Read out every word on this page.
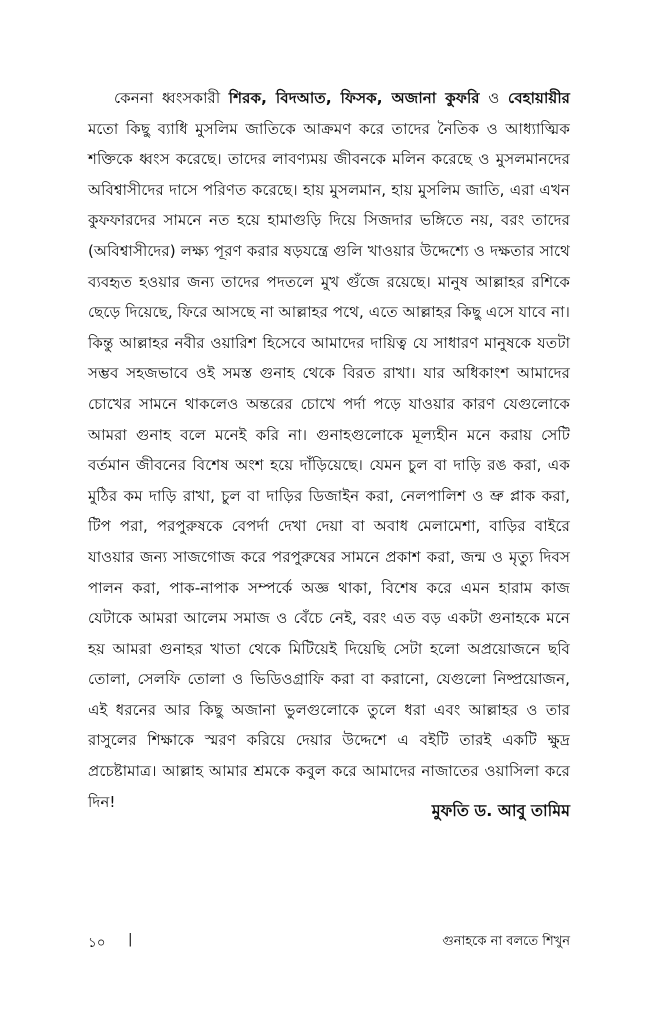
কেননা ধ্বংসকারী শিরক, বিদআত, ফিসক, অজানা কুফরি ও বেহায়ায়ীর মতো কিছু ব্যাধি মুসলিম জাতিকে আক্রমণ করে তাদের নৈতিক ও আধ্যাত্মিক শক্তিকে ধ্বংস করেছে। তাদের লাবণ্যময় জীবনকে মলিন করেছে ও মুসলমানদের অবিশ্বাসীদের দাসে পরিণত করেছে। হায় মুসলমান, হায় মুসলিম জাতি, এরা এখন কুফফারদের সামনে নত হয়ে হামাগুড়ি দিয়ে সিজদার ভঙ্গিতে নয়, বরং তাদের (অবিশ্বাসীদের) লক্ষ্য পূরণ করার ষড়যন্ত্রে গুলি খাওয়ার উদ্দেশ্যে ও দক্ষতার সাথে ব্যবহৃত হওয়ার জন্য তাদের পদতলে মুখ গুঁজে রয়েছে। মানুষ আল্লাহর রশিকে ছেড়ে দিয়েছে, ফিরে আসছে না আল্লাহর পথে, এতে আল্লাহর কিছু এসে যাবে না। কিন্তু আল্লাহর নবীর ওয়ারিশ হিসেবে আমাদের দায়িত্ব যে সাধারণ মানুষকে যতটা সম্ভব সহজভাবে ওই সমস্ত গুনাহ থেকে বিরত রাখা। যার অধিকাংশ আমাদের চোখের সামনে থাকলেও অন্তরের চোখে পর্দা পড়ে যাওয়ার কারণ যেগুলোকে আমরা গুনাহ বলে মনেই করি না। গুনাহগুলোকে মূল্যহীন মনে করায় সেটি বর্তমান জীবনের বিশেষ অংশ হয়ে দাঁড়িয়েছে। যেমন চুল বা দাড়ি রঙ করা, এক মুঠির কম দাড়ি রাখা, চুল বা দাড়ির ডিজাইন করা, নেলপালিশ ও ভ্রু প্লাক করা, টিপ পরা, পরপুরুষকে বেপর্দা দেখা দেয়া বা অবাধ মেলামেশা, বাড়ির বাইরে যাওয়ার জন্য সাজগোজ করে পরপুরুষের সামনে প্রকাশ করা, জন্ম ও মৃত্যু দিবস পালন করা, পাক-নাপাক সম্পর্কে অজ্ঞ থাকা, বিশেষ করে এমন হারাম কাজ যেটাকে আমরা আলেম সমাজ ও বেঁচে নেই, বরং এত বড় একটা গুনাহকে মনে হয় আমরা গুনাহর খাতা থেকে মিটিয়েই দিয়েছি সেটা হলো অপ্রয়োজনে ছবি তোলা, সেলফি তোলা ও ভিডিওগ্রাফি করা বা করানো, যেগুলো নিষ্প্রয়োজন, এই ধরনের আর কিছু অজানা ভুলগুলোকে তুলে ধরা এবং আল্লাহর ও তার রাসুলের শিক্ষাকে স্মরণ করিয়ে দেয়ার উদ্দেশে এ বইটি তারই একটি ক্ষুদ্র প্রচেষ্টামাত্র। আল্লাহ আমার শ্রমকে কবুল করে আমাদের নাজাতের ওয়াসিলা করে দিন!	মুফতি ড. আবু তামিম
১০ |	গুনাহকে না বলতে শিখুন
